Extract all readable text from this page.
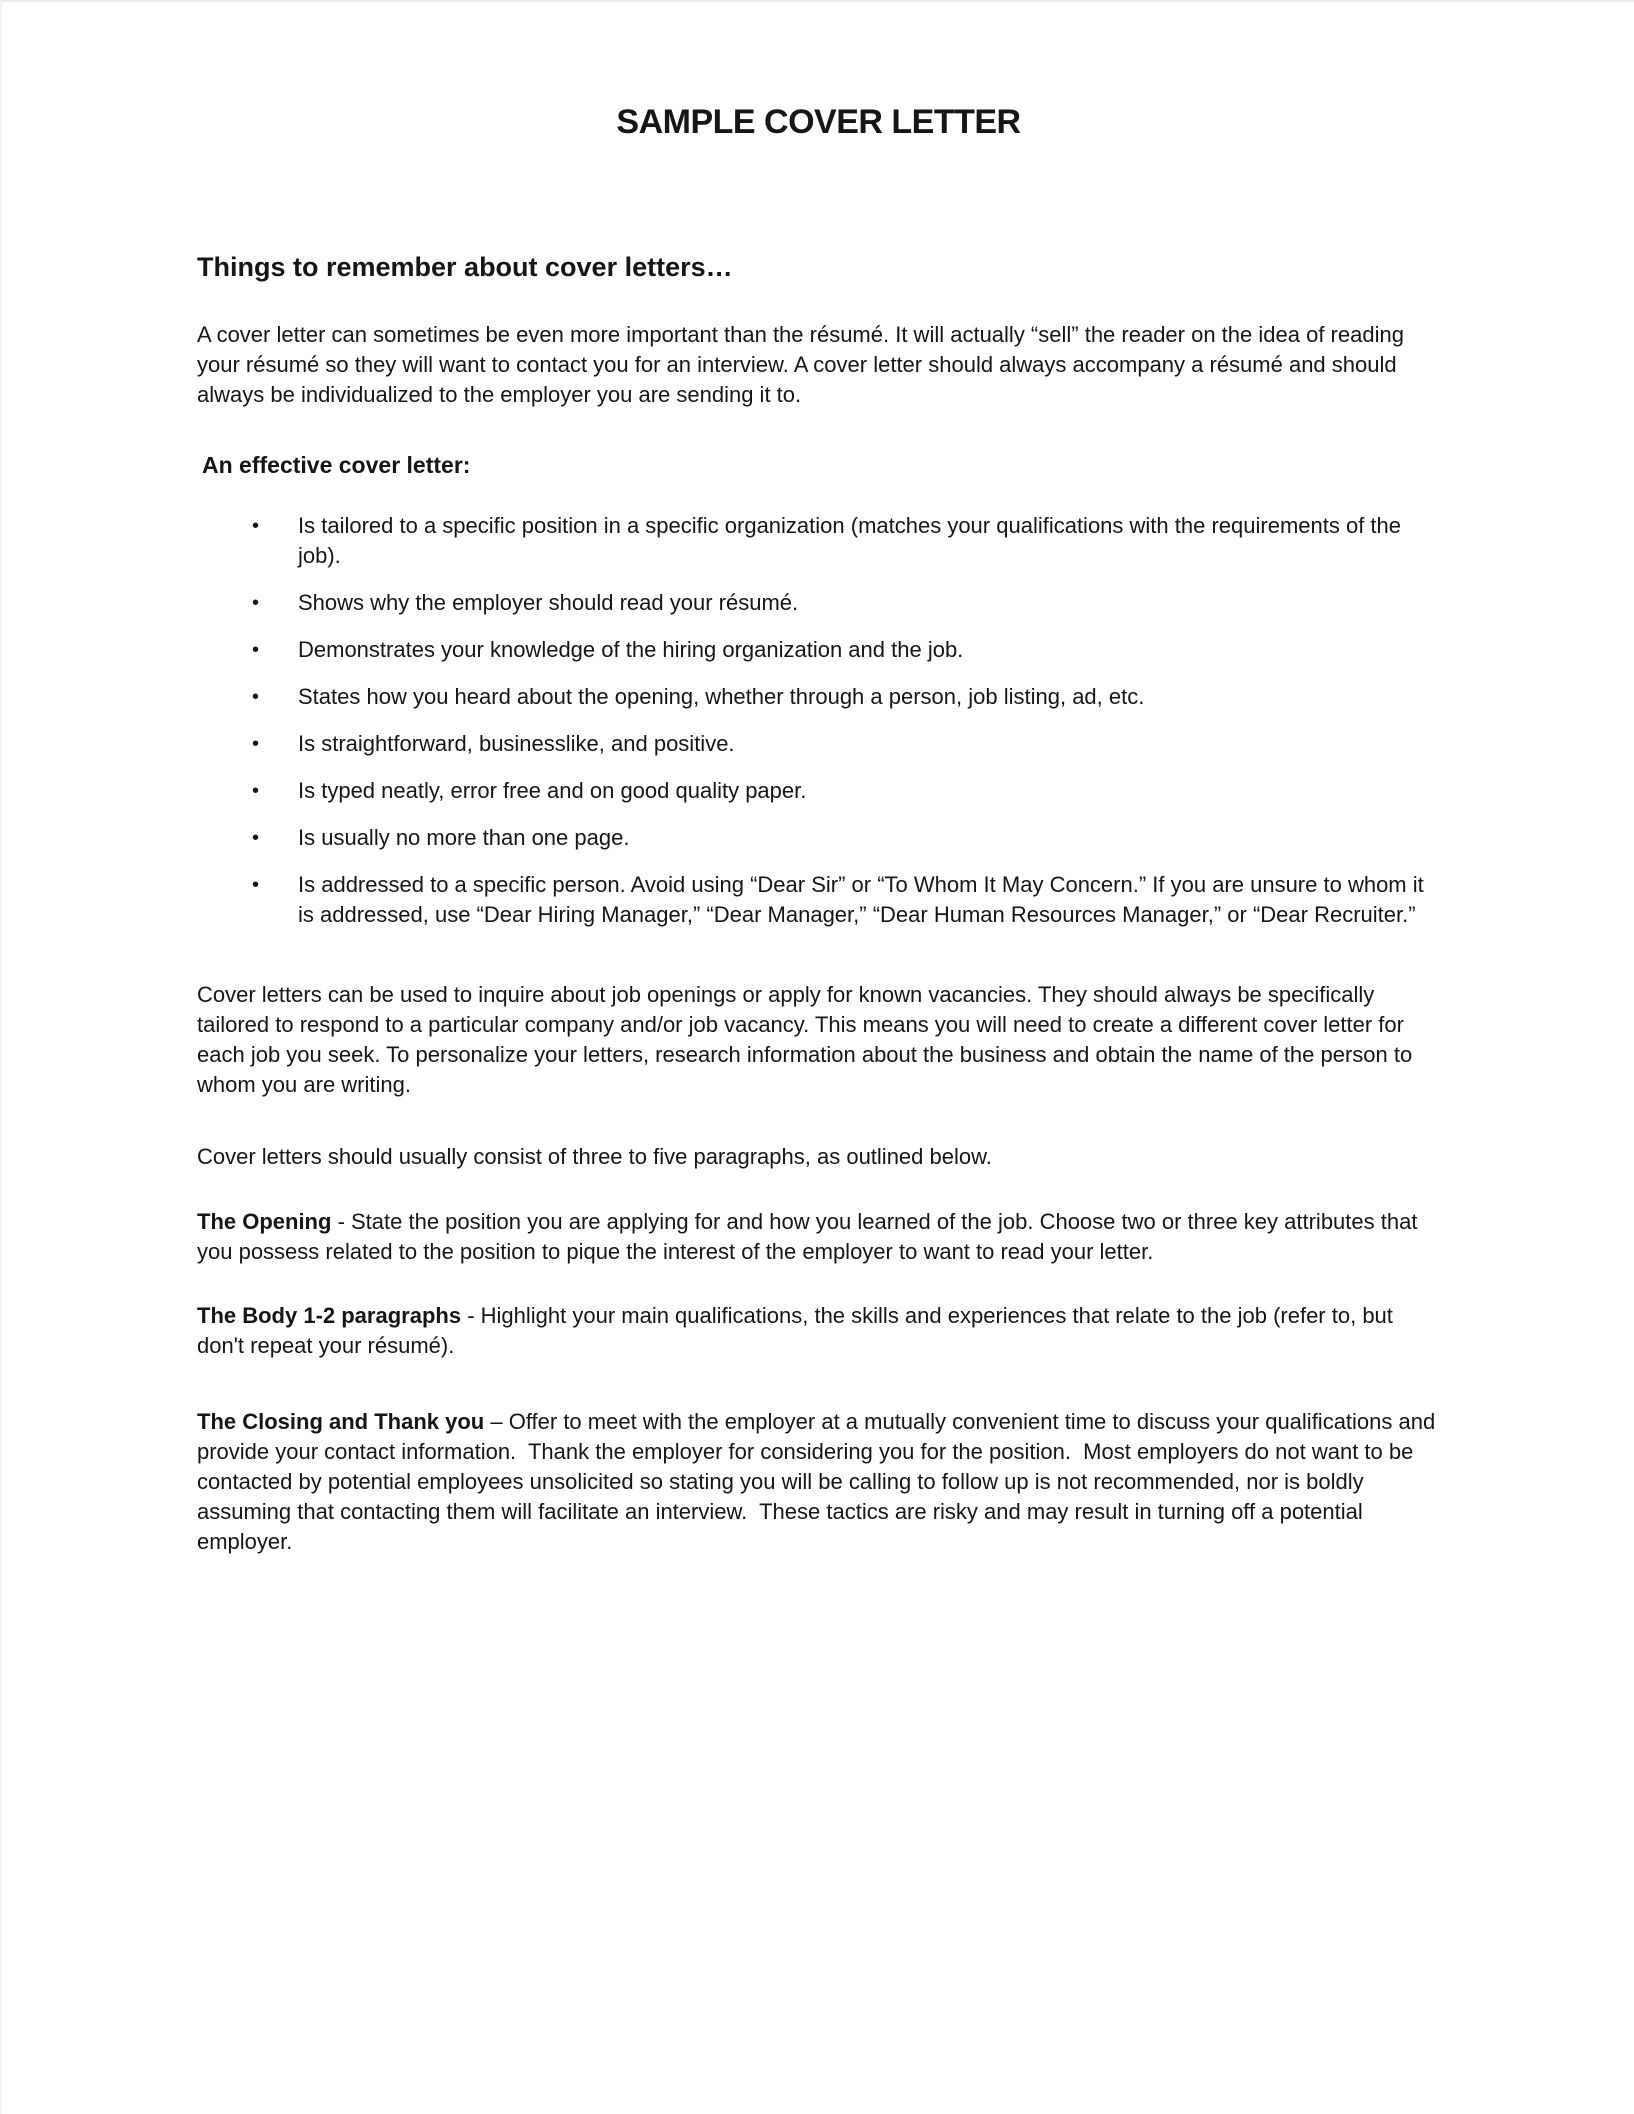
SAMPLE COVER LETTER
Things to remember about cover letters…

A cover letter can sometimes be even more important than the résumé. It will actually “sell” the reader on the idea of reading your résumé so they will want to contact you for an interview. A cover letter should always accompany a résumé and should always be individualized to the employer you are sending it to.

An effective cover letter:
•	Is tailored to a specific position in a specific organization (matches your qualifications with the requirements of the job).
•	Shows why the employer should read your résumé.
•	Demonstrates your knowledge of the hiring organization and the job.
•	States how you heard about the opening, whether through a person, job listing, ad, etc.
•	Is straightforward, businesslike, and positive.
•	Is typed neatly, error free and on good quality paper.
•	Is usually no more than one page.
•	Is addressed to a specific person. Avoid using “Dear Sir” or “To Whom It May Concern.” If you are unsure to whom it is addressed, use “Dear Hiring Manager,” “Dear Manager,” “Dear Human Resources Manager,” or “Dear Recruiter.”

Cover letters can be used to inquire about job openings or apply for known vacancies. They should always be specifically tailored to respond to a particular company and/or job vacancy. This means you will need to create a different cover letter for each job you seek. To personalize your letters, research information about the business and obtain the name of the person to whom you are writing.

Cover letters should usually consist of three to five paragraphs, as outlined below.

The Opening - State the position you are applying for and how you learned of the job. Choose two or three key attributes that you possess related to the position to pique the interest of the employer to want to read your letter.

The Body 1-2 paragraphs - Highlight your main qualifications, the skills and experiences that relate to the job (refer to, but don't repeat your résumé).

The Closing and Thank you – Offer to meet with the employer at a mutually convenient time to discuss your qualifications and provide your contact information.  Thank the employer for considering you for the position.  Most employers do not want to be contacted by potential employees unsolicited so stating you will be calling to follow up is not recommended, nor is boldly assuming that contacting them will facilitate an interview.  These tactics are risky and may result in turning off a potential employer.
